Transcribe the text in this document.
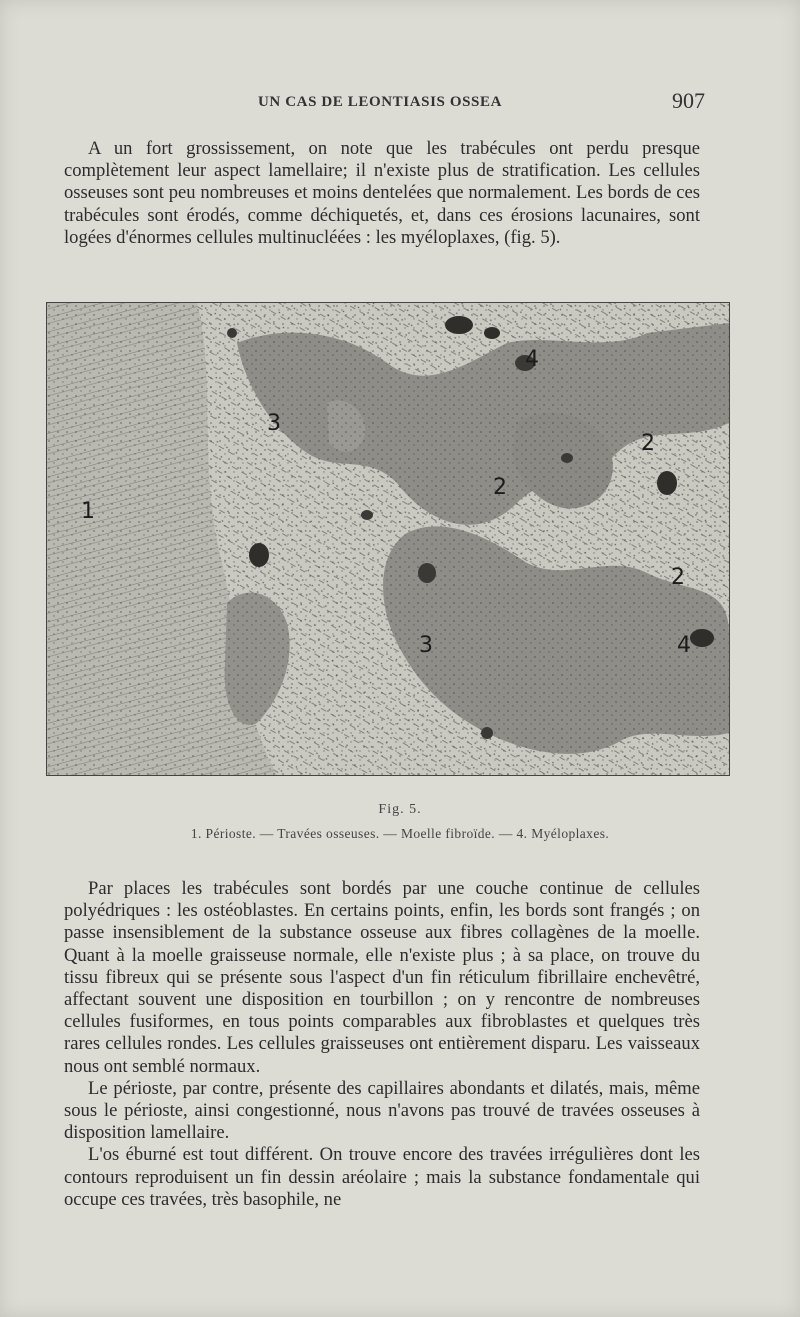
UN CAS DE LEONTIASIS OSSEA	907

A un fort grossissement, on note que les trabécules ont perdu presque complètement leur aspect lamellaire; il n'existe plus de stratification. Les cellules osseuses sont peu nombreuses et moins dentelées que normalement. Les bords de ces trabécules sont érodés, comme déchiquetés, et, dans ces érosions lacunaires, sont logées d'énormes cellules multinucléées : les myéloplaxes, (fig. 5).

1
2
2
2
3
3
4
4
Fig. 5.
1. Périoste. — Travées osseuses. — Moelle fibroïde. — 4. Myéloplaxes.

Par places les trabécules sont bordés par une couche continue de cellules polyédriques : les ostéoblastes. En certains points, enfin, les bords sont frangés ; on passe insensiblement de la substance osseuse aux fibres collagènes de la moelle. Quant à la moelle graisseuse normale, elle n'existe plus ; à sa place, on trouve du tissu fibreux qui se présente sous l'aspect d'un fin réticulum fibrillaire enchevêtré, affectant souvent une disposition en tourbillon ; on y rencontre de nombreuses cellules fusiformes, en tous points comparables aux fibroblastes et quelques très rares cellules rondes. Les cellules graisseuses ont entièrement disparu. Les vaisseaux nous ont semblé normaux.

Le périoste, par contre, présente des capillaires abondants et dilatés, mais, même sous le périoste, ainsi congestionné, nous n'avons pas trouvé de travées osseuses à disposition lamellaire.

L'os éburné est tout différent. On trouve encore des travées irrégulières dont les contours reproduisent un fin dessin aréolaire ; mais la substance fondamentale qui occupe ces travées, très basophile, ne
